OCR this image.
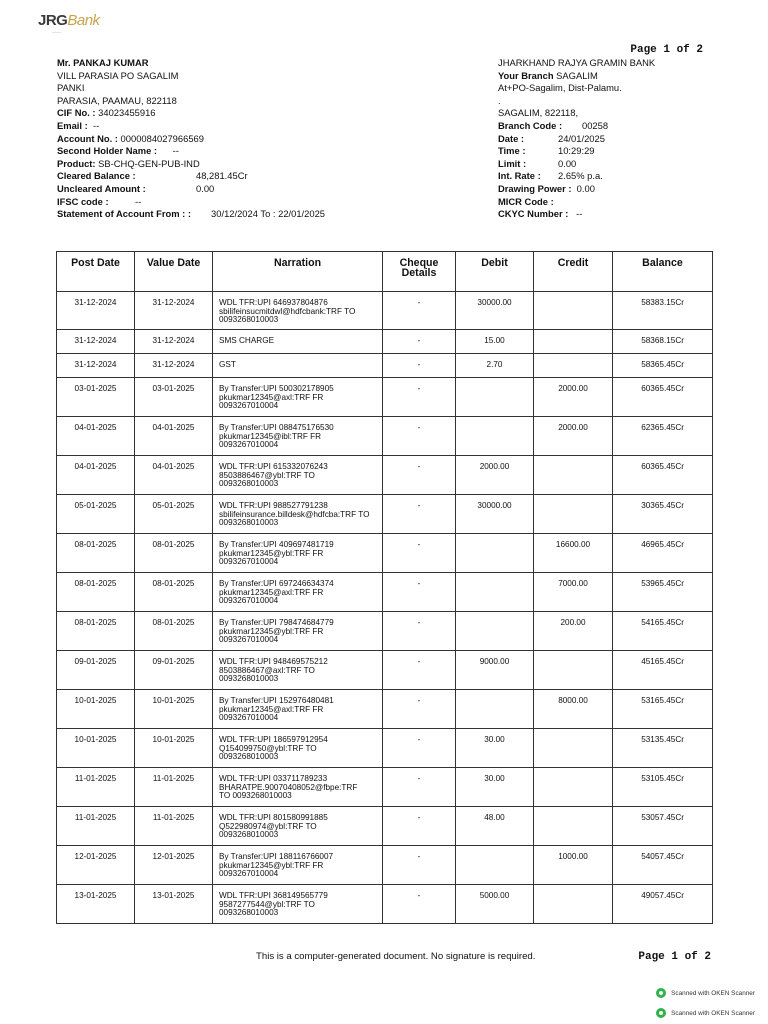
JRGBank
~~~~
Page 1 of 2
Mr. PANKAJ KUMAR
VILL PARASIA PO SAGALIM
PANKI
PARASIA, PAAMAU, 822118
CIF No. : 34023455916
Email : --
Account No. : 0000084027966569
Second Holder Name : --
Product: SB-CHQ-GEN-PUB-IND
Cleared Balance :	48,281.45Cr
Uncleared Amount :	0.00
IFSC code :	--
Statement of Account From : : 30/12/2024 To : 22/01/2025
JHARKHAND RAJYA GRAMIN BANK
Your Branch SAGALIM
At+PO-Sagalim, Dist-Palamu.
.
SAGALIM, 822118,
Branch Code : 00258
Date :	24/01/2025
Time :	10:29:29
Limit :	0.00
Int. Rate : 2.65% p.a.
Drawing Power : 0.00
MICR Code :
CKYC Number : --
Post Date	Value Date	Narration	Cheque
Details	Debit	Credit	Balance
31-12-2024	31-12-2024	WDL TFR:UPI 646937804876
sbilifeinsucmitdwl@hdfcbank:TRF TO
0093268010003	-	30000.00		58383.15Cr
31-12-2024	31-12-2024	SMS CHARGE	-	15.00		58368.15Cr
31-12-2024	31-12-2024	GST	-	2.70		58365.45Cr
03-01-2025	03-01-2025	By Transfer:UPI 500302178905
pkukmar12345@axl:TRF FR
0093267010004	-		2000.00	60365.45Cr
04-01-2025	04-01-2025	By Transfer:UPI 088475176530
pkukmar12345@ibl:TRF FR
0093267010004	-		2000.00	62365.45Cr
04-01-2025	04-01-2025	WDL TFR:UPI 615332076243
8503886467@ybl:TRF TO
0093268010003	-	2000.00		60365.45Cr
05-01-2025	05-01-2025	WDL TFR:UPI 988527791238
sbilifeinsurance.billdesk@hdfcba:TRF TO
0093268010003	-	30000.00		30365.45Cr
08-01-2025	08-01-2025	By Transfer:UPI 409697481719
pkukmar12345@ybl:TRF FR
0093267010004	-		16600.00	46965.45Cr
08-01-2025	08-01-2025	By Transfer:UPI 697246634374
pkukmar12345@axl:TRF FR
0093267010004	-		7000.00	53965.45Cr
08-01-2025	08-01-2025	By Transfer:UPI 798474684779
pkukmar12345@ybl:TRF FR
0093267010004	-		200.00	54165.45Cr
09-01-2025	09-01-2025	WDL TFR:UPI 948469575212
8503886467@axl:TRF TO
0093268010003	-	9000.00		45165.45Cr
10-01-2025	10-01-2025	By Transfer:UPI 152976480481
pkukmar12345@axl:TRF FR
0093267010004	-		8000.00	53165.45Cr
10-01-2025	10-01-2025	WDL TFR:UPI 186597912954
Q154099750@ybl:TRF TO
0093268010003	-	30.00		53135.45Cr
11-01-2025	11-01-2025	WDL TFR:UPI 033711789233
BHARATPE.90070408052@fbpe:TRF
TO 0093268010003	-	30.00		53105.45Cr
11-01-2025	11-01-2025	WDL TFR:UPI 801580991885
Q522980974@ybl:TRF TO
0093268010003	-	48.00		53057.45Cr
12-01-2025	12-01-2025	By Transfer:UPI 188116766007
pkukmar12345@ybl:TRF FR
0093267010004	-		1000.00	54057.45Cr
13-01-2025	13-01-2025	WDL TFR:UPI 368149565779
9587277544@ybl:TRF TO
0093268010003	-	5000.00		49057.45Cr
This is a computer-generated document. No signature is required.	Page 1 of 2
Scanned with OKEN Scanner
Scanned with OKEN Scanner
